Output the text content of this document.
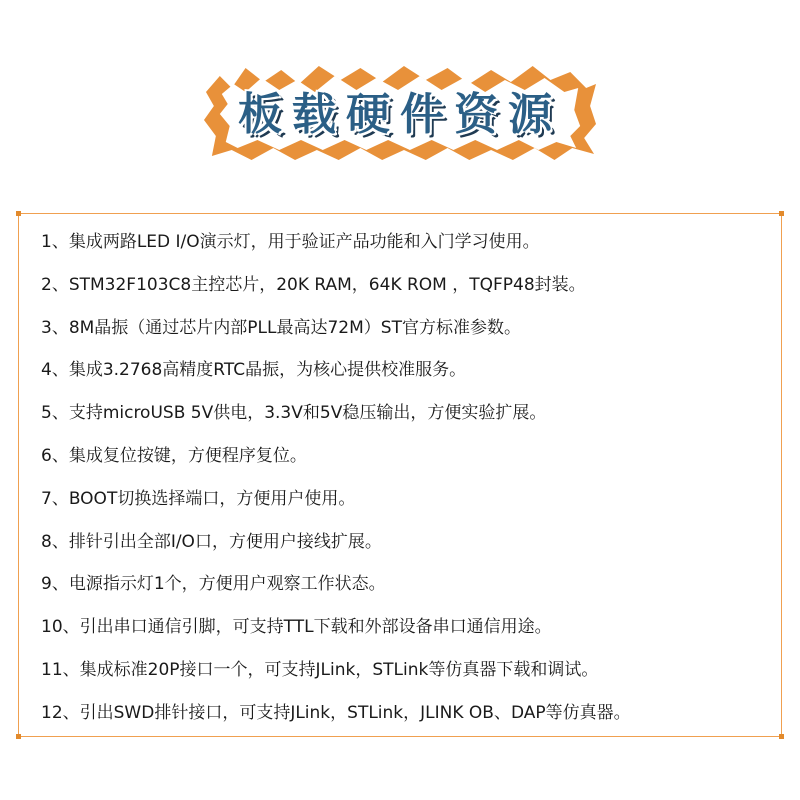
板载硬件资源
1、集成两路LED I/O演示灯，用于验证产品功能和入门学习使用。
2、STM32F103C8主控芯片，20K RAM，64K ROM ，TQFP48封装。
3、8M晶振（通过芯片内部PLL最高达72M）ST官方标准参数。
4、集成3.2768高精度RTC晶振，为核心提供校准服务。
5、支持microUSB 5V供电，3.3V和5V稳压输出，方便实验扩展。
6、集成复位按键，方便程序复位。
7、BOOT切换选择端口，方便用户使用。
8、排针引出全部I/O口，方便用户接线扩展。
9、电源指示灯1个，方便用户观察工作状态。
10、引出串口通信引脚，可支持TTL下载和外部设备串口通信用途。
11、集成标准20P接口一个，可支持JLink，STLink等仿真器下载和调试。
12、引出SWD排针接口，可支持JLink，STLink，JLINK OB、DAP等仿真器。
